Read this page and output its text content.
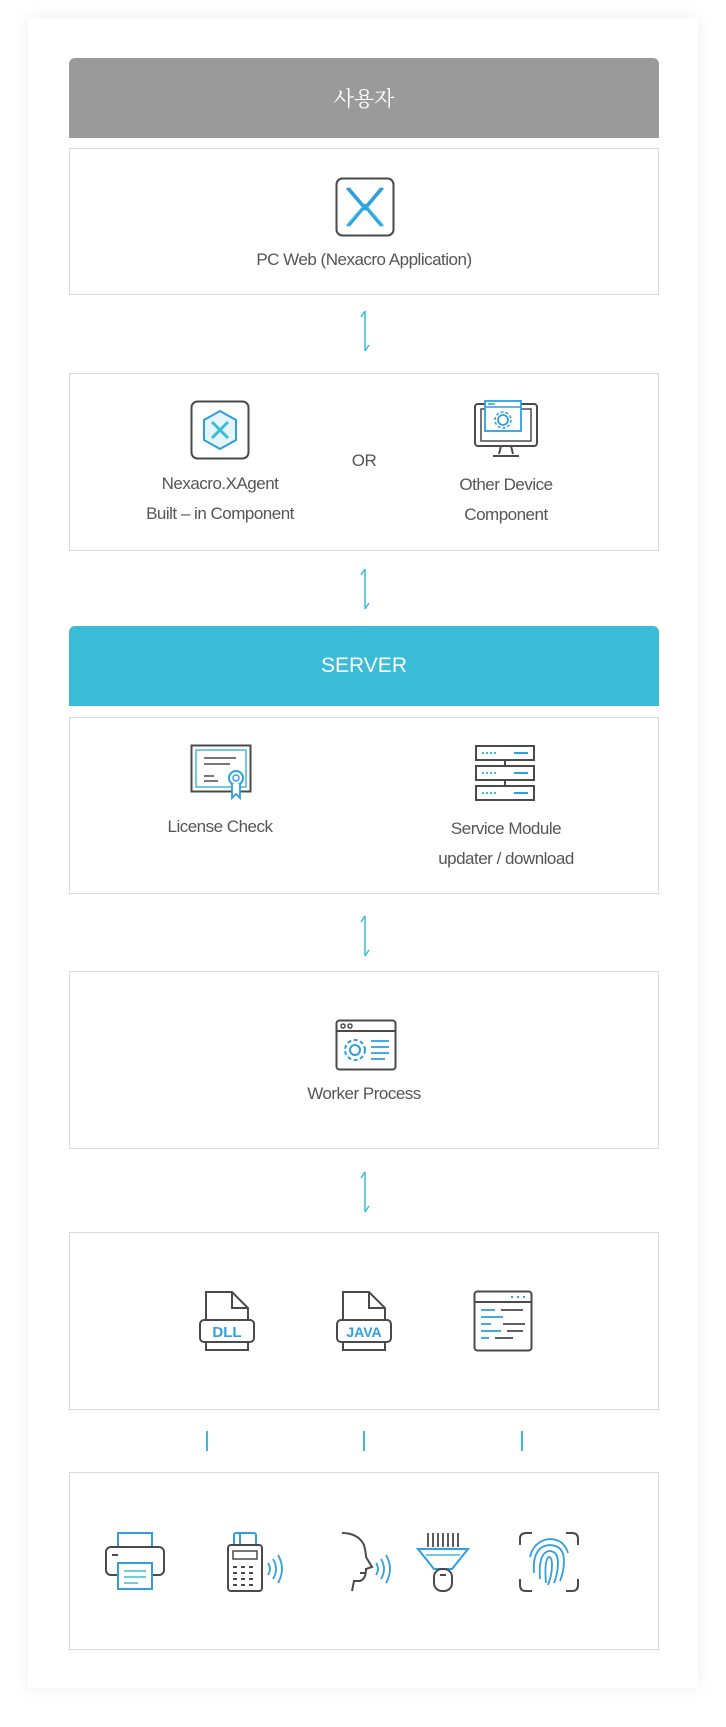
사용자
PC Web (Nexacro Application)
Nexacro.XAgent
Built – in Component
OR
Other Device
Component
SERVER
License Check	Service Module
updater / download
Worker Process
DLL	JAVA
